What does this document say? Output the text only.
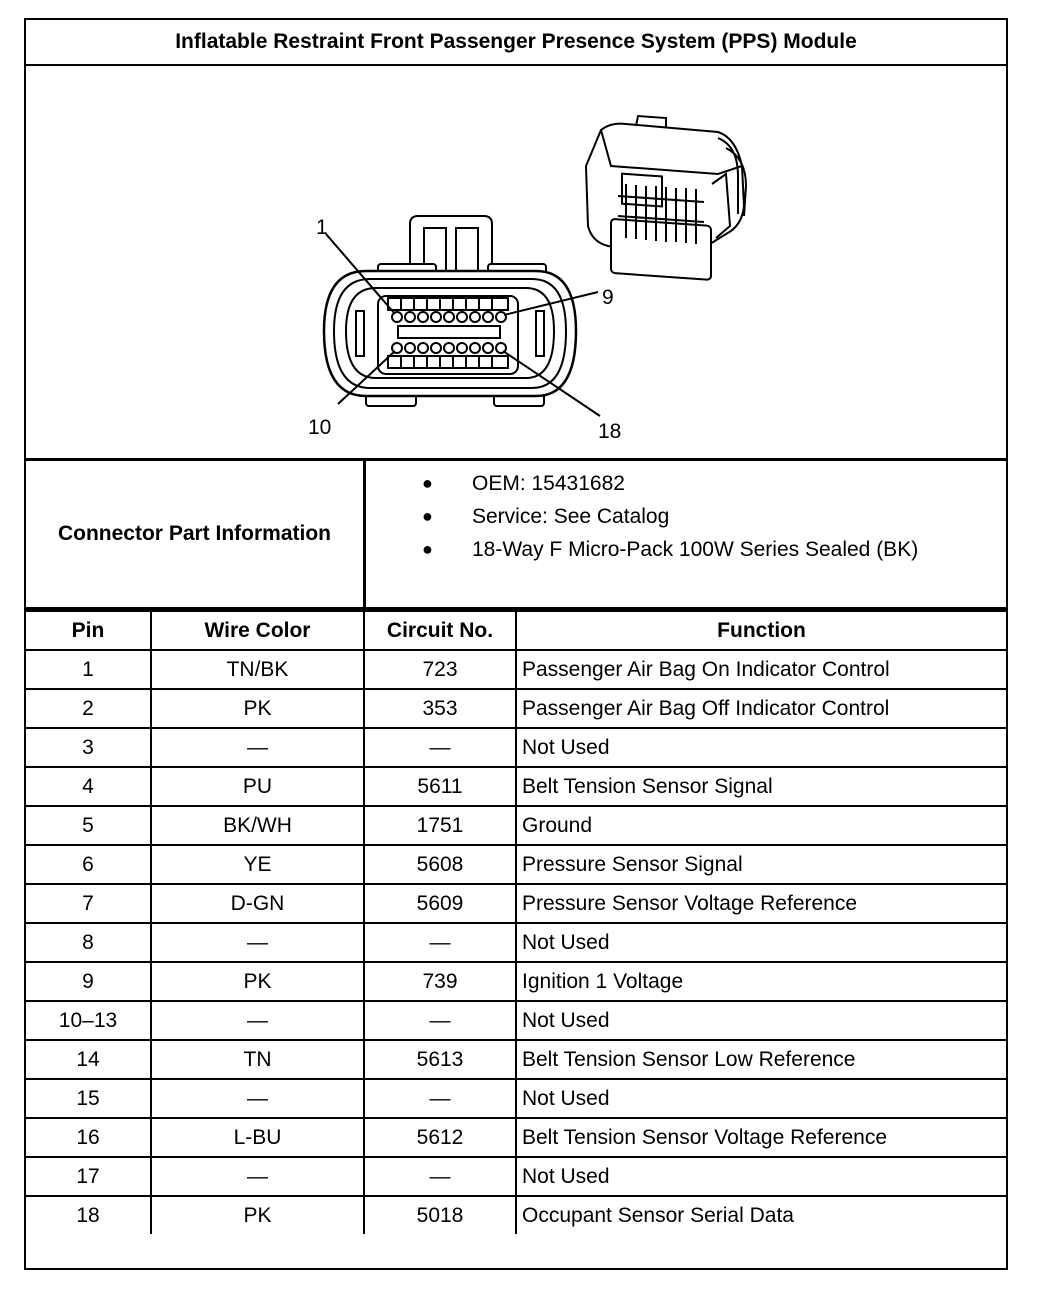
Inflatable Restraint Front Passenger Presence System (PPS) Module
1
9
10	18
Connector Part Information
● OEM: 15431682
● Service: See Catalog
● 18-Way F Micro-Pack 100W Series Sealed (BK)
Pin	Wire Color	Circuit No.	Function
1	TN/BK	723	Passenger Air Bag On Indicator Control
2	PK	353	Passenger Air Bag Off Indicator Control
3	—	—	Not Used
4	PU	5611	Belt Tension Sensor Signal
5	BK/WH	1751	Ground
6	YE	5608	Pressure Sensor Signal
7	D-GN	5609	Pressure Sensor Voltage Reference
8	—	—	Not Used
9	PK	739	Ignition 1 Voltage
10–13	—	—	Not Used
14	TN	5613	Belt Tension Sensor Low Reference
15	—	—	Not Used
16	L-BU	5612	Belt Tension Sensor Voltage Reference
17	—	—	Not Used
18	PK	5018	Occupant Sensor Serial Data
